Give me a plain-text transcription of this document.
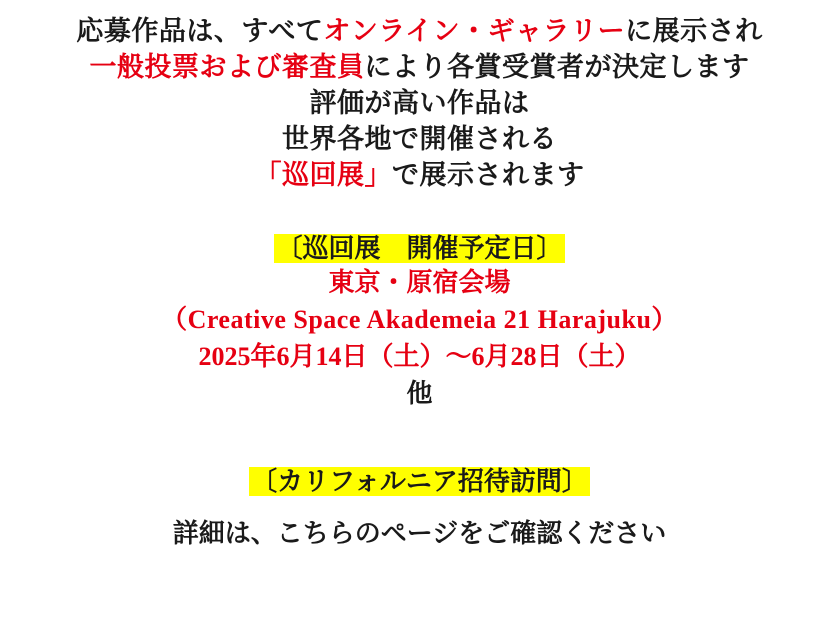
応募作品は、すべてオンライン・ギャラリーに展示され
一般投票および審査員により各賞受賞者が決定します
評価が高い作品は
世界各地で開催される
「巡回展」で展示されます
〔巡回展　開催予定日〕
東京・原宿会場
（Creative Space Akademeia 21 Harajuku）
2025年6月14日（土）〜6月28日（土）
他
〔カリフォルニア招待訪問〕
詳細は、こちらのページをご確認ください
